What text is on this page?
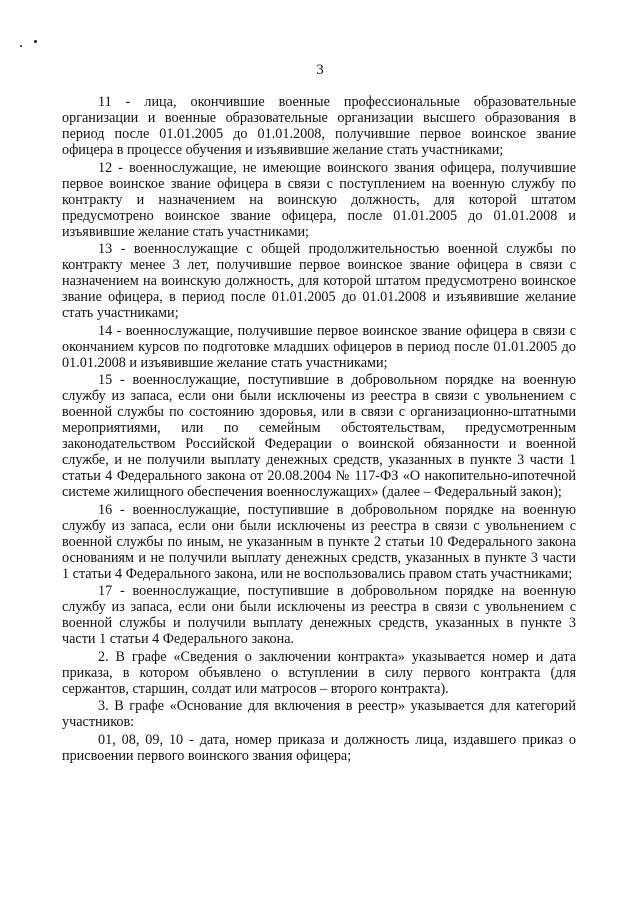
3

11 - лица, окончившие военные профессиональные образовательные организации и военные образовательные организации высшего образования в период после 01.01.2005 до 01.01.2008, получившие первое воинское звание офицера в процессе обучения и изъявившие желание стать участниками;

12 - военнослужащие, не имеющие воинского звания офицера, получившие первое воинское звание офицера в связи с поступлением на военную службу по контракту и назначением на воинскую должность, для которой штатом предусмотрено воинское звание офицера, после 01.01.2005 до 01.01.2008 и изъявившие желание стать участниками;

13 - военнослужащие с общей продолжительностью военной службы по контракту менее 3 лет, получившие первое воинское звание офицера в связи с назначением на воинскую должность, для которой штатом предусмотрено воинское звание офицера, в период после 01.01.2005 до 01.01.2008 и изъявившие желание стать участниками;

14 - военнослужащие, получившие первое воинское звание офицера в связи с окончанием курсов по подготовке младших офицеров в период после 01.01.2005 до 01.01.2008 и изъявившие желание стать участниками;

15 - военнослужащие, поступившие в добровольном порядке на военную службу из запаса, если они были исключены из реестра в связи с увольнением с военной службы по состоянию здоровья, или в связи с организационно-штатными мероприятиями, или по семейным обстоятельствам, предусмотренным законодательством Российской Федерации о воинской обязанности и военной службе, и не получили выплату денежных средств, указанных в пункте 3 части 1 статьи 4 Федерального закона от 20.08.2004 № 117-ФЗ «О накопительно-ипотечной системе жилищного обеспечения военнослужащих» (далее – Федеральный закон);

16 - военнослужащие, поступившие в добровольном порядке на военную службу из запаса, если они были исключены из реестра в связи с увольнением с военной службы по иным, не указанным в пункте 2 статьи 10 Федерального закона основаниям и не получили выплату денежных средств, указанных в пункте 3 части 1 статьи 4 Федерального закона, или не воспользовались правом стать участниками;

17 - военнослужащие, поступившие в добровольном порядке на военную службу из запаса, если они были исключены из реестра в связи с увольнением с военной службы и получили выплату денежных средств, указанных в пункте 3 части 1 статьи 4 Федерального закона.

2. В графе «Сведения о заключении контракта» указывается номер и дата приказа, в котором объявлено о вступлении в силу первого контракта (для сержантов, старшин, солдат или матросов – второго контракта).

3. В графе «Основание для включения в реестр» указывается для категорий участников:

01, 08, 09, 10 - дата, номер приказа и должность лица, издавшего приказ о присвоении первого воинского звания офицера;
